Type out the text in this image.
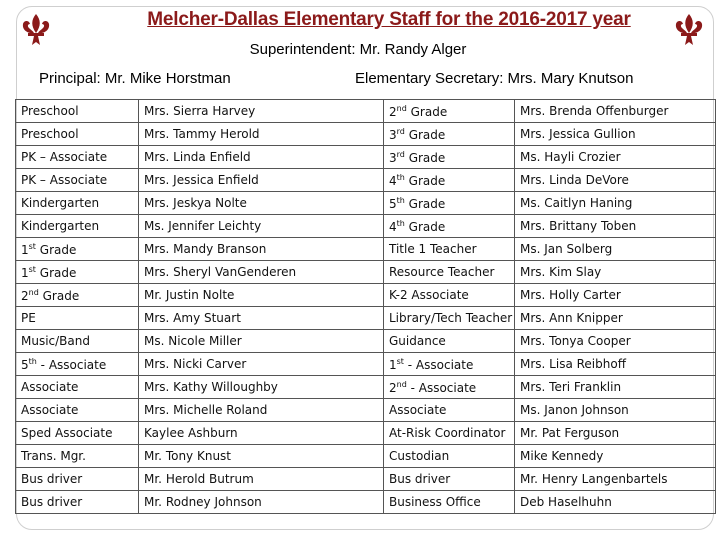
Melcher-Dallas Elementary Staff for the 2016-2017 year
Superintendent: Mr. Randy Alger
Principal: Mr. Mike Horstman	Elementary Secretary: Mrs. Mary Knutson
Preschool	Mrs. Sierra Harvey	2nd Grade	Mrs. Brenda Offenburger
Preschool	Mrs. Tammy Herold	3rd Grade	Mrs. Jessica Gullion
PK – Associate	Mrs. Linda Enfield	3rd Grade	Ms. Hayli Crozier
PK – Associate	Mrs. Jessica Enfield	4th Grade	Mrs. Linda DeVore
Kindergarten	Mrs. Jeskya Nolte	5th Grade	Ms. Caitlyn Haning
Kindergarten	Ms. Jennifer Leichty	4th Grade	Mrs. Brittany Toben
1st Grade	Mrs. Mandy Branson	Title 1 Teacher	Ms. Jan Solberg
1st Grade	Mrs. Sheryl VanGenderen	Resource Teacher	Mrs. Kim Slay
2nd Grade	Mr. Justin Nolte	K-2 Associate	Mrs. Holly Carter
PE	Mrs. Amy Stuart	Library/Tech Teacher	Mrs. Ann Knipper
Music/Band	Ms. Nicole Miller	Guidance	Mrs. Tonya Cooper
5th - Associate	Mrs. Nicki Carver	1st - Associate	Mrs. Lisa Reibhoff
Associate	Mrs. Kathy Willoughby	2nd - Associate	Mrs. Teri Franklin
Associate	Mrs. Michelle Roland	Associate	Ms. Janon Johnson
Sped Associate	Kaylee Ashburn	At-Risk Coordinator	Mr. Pat Ferguson
Trans. Mgr.	Mr. Tony Knust	Custodian	Mike Kennedy
Bus driver	Mr. Herold Butrum	Bus driver	Mr. Henry Langenbartels
Bus driver	Mr. Rodney Johnson	Business Office	Deb Haselhuhn
